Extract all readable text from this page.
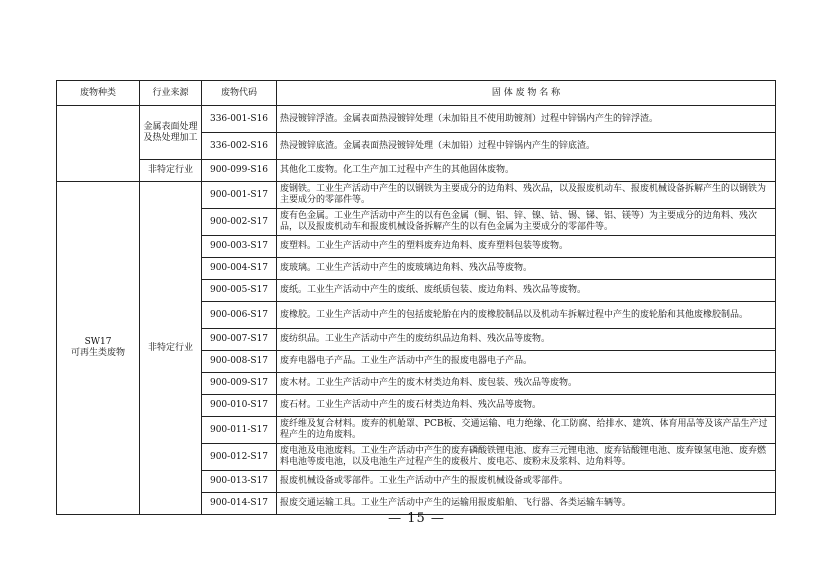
废物种类	行业来源	废物代码	固 体 废 物 名 称
	金属表面处理及热处理加工	336-001-S16	热浸镀锌浮渣。金属表面热浸镀锌处理（未加铅且不使用助镀剂）过程中锌锅内产生的锌浮渣。
		336-002-S16	热浸镀锌底渣。金属表面热浸镀锌处理（未加铅）过程中锌锅内产生的锌底渣。
	非特定行业	900-099-S16	其他化工废物。化工生产加工过程中产生的其他固体废物。

SW17
可再生类废物	非特定行业	900-001-S17	废钢铁。工业生产活动中产生的以钢铁为主要成分的边角料、残次品，以及报废机动车、报废机械设备拆解产生的以钢铁为主要成分的零部件等。
		900-002-S17	废有色金属。工业生产活动中产生的以有色金属（铜、铝、锌、镍、钴、锡、锑、铝、镁等）为主要成分的边角料、残次品，以及报废机动车和报废机械设备拆解产生的以有色金属为主要成分的零部件等。
		900-003-S17	废塑料。工业生产活动中产生的塑料废弃边角料、废弃塑料包装等废物。
		900-004-S17	废玻璃。工业生产活动中产生的废玻璃边角料、残次品等废物。
		900-005-S17	废纸。工业生产活动中产生的废纸、废纸质包装、废边角料、残次品等废物。
		900-006-S17	废橡胶。工业生产活动中产生的包括废轮胎在内的废橡胶制品以及机动车拆解过程中产生的废轮胎和其他废橡胶制品。
		900-007-S17	废纺织品。工业生产活动中产生的废纺织品边角料、残次品等废物。
		900-008-S17	废弃电器电子产品。工业生产活动中产生的报废电器电子产品。
		900-009-S17	废木材。工业生产活动中产生的废木材类边角料、废包装、残次品等废物。
		900-010-S17	废石材。工业生产活动中产生的废石材类边角料、残次品等废物。
		900-011-S17	废纤维及复合材料。废弃的机舱罩、PCB板、交通运输、电力绝缘、化工防腐、给排水、建筑、体育用品等及该产品生产过程产生的边角废料。
		900-012-S17	废电池及电池废料。工业生产活动中产生的废弃磷酸铁锂电池、废弃三元锂电池、废弃钴酸锂电池、废弃镍氢电池、废弃燃料电池等废电池，以及电池生产过程产生的废极片、废电芯、废粉末及浆料、边角料等。
		900-013-S17	报废机械设备或零部件。工业生产活动中产生的报废机械设备或零部件。
		900-014-S17	报废交通运输工具。工业生产活动中产生的运输用报废船舶、飞行器、各类运输车辆等。
— 15 —
